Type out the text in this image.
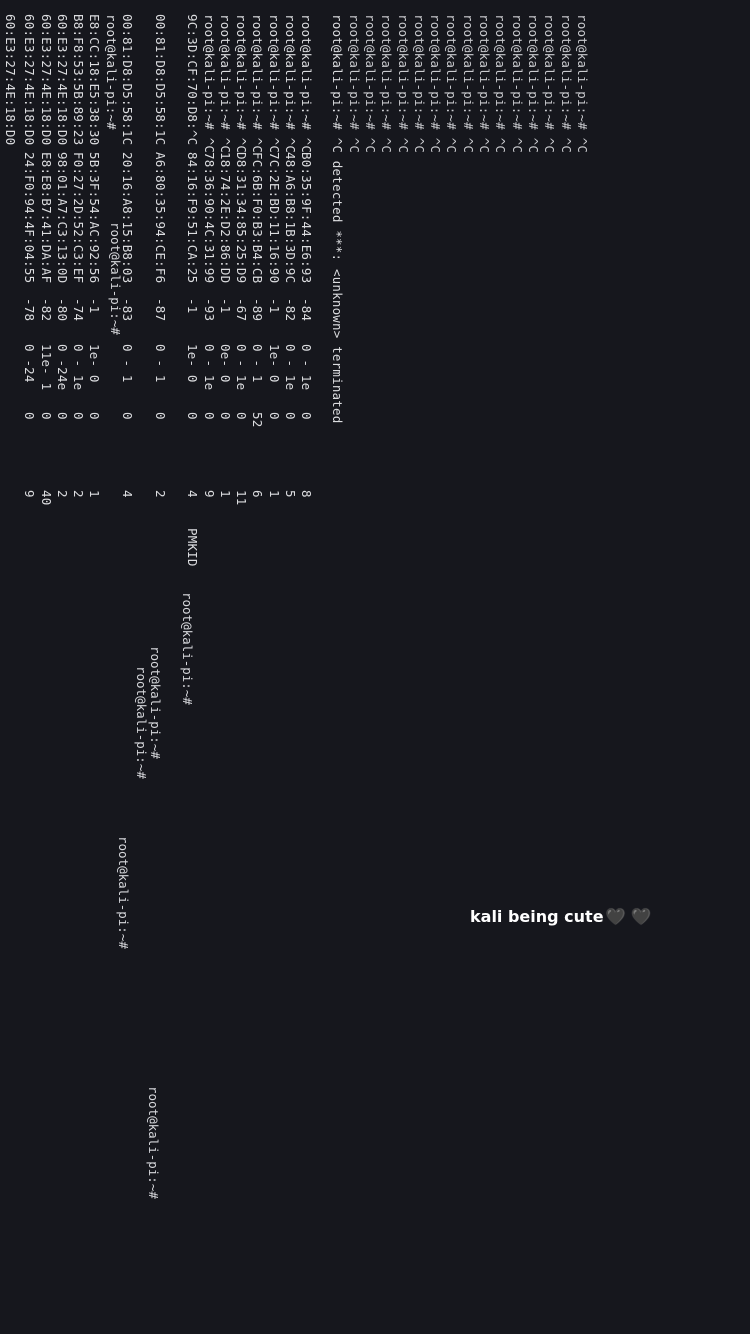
60:E3:27:4E:18:D0 60:E3:27:4E:18:D0
24:F0:94:4F:04:55
-78
0 -24
0
9
60:E3:27:4E:18:D0
E8:E8:B7:41:DA:AF
-82
11e- 1
0
40
60:E3:27:4E:18:D0
98:01:A7:C3:13:0D
-80
0 -24e
0
2
B8:F8:53:5B:89:23
F0:27:2D:52:C3:EF
-74
0 - 1e
0
2
E8:CC:18:E5:38:30
5B:3F:54:AC:92:56
-1
1e- 0
0
1
root@kali-pi:~# 00:81:D8:D5:58:1C
20:16:A8:15:B8:03
-83
0 - 1
0
4
00:81:D8:D5:58:1C
A6:80:35:94:CE:F6
-87
0 - 1
0
2
9C:3D:CF:70:D8:^C
84:16:F9:51:CA:25
-1
1e- 0
0
4
PMKID
root@kali-pi:~# ^C
78:36:90:4C:31:99
-93
0 - 1e
0
9
root@kali-pi:~# ^C
18:74:2E:D2:86:DD
-1
0e- 0
0
1
root@kali-pi:~# ^C
D8:31:34:85:25:D9
-67
0 - 1e
0
11
root@kali-pi:~# ^C
FC:6B:F0:B3:B4:CB
-89
0 - 1
52
6
root@kali-pi:~# ^C
7C:2E:BD:11:16:90
-1
1e- 0
0
1
root@kali-pi:~# ^C
48:A6:B8:1B:3D:9C
-82
0 - 1e
0
5
root@kali-pi:~# ^C
B0:35:9F:44:E6:93
-84
0 - 1e
0
8
root@kali-pi:~# ^C detected ***: <unknown> terminated root@kali-pi:~# ^C root@kali-pi:~# ^C root@kali-pi:~# ^C root@kali-pi:~# ^C root@kali-pi:~# ^C root@kali-pi:~# ^C root@kali-pi:~# ^C root@kali-pi:~# ^C root@kali-pi:~# ^C root@kali-pi:~# ^C root@kali-pi:~# ^C root@kali-pi:~# ^C root@kali-pi:~# ^C root@kali-pi:~# ^C root@kali-pi:~# ^C
root@kali-pi:~#
root@kali-pi:~#
root@kali-pi:~#
root@kali-pi:~#
root@kali-pi:~#
root@kali-pi:~#
kali being cute 🖤 🖤
